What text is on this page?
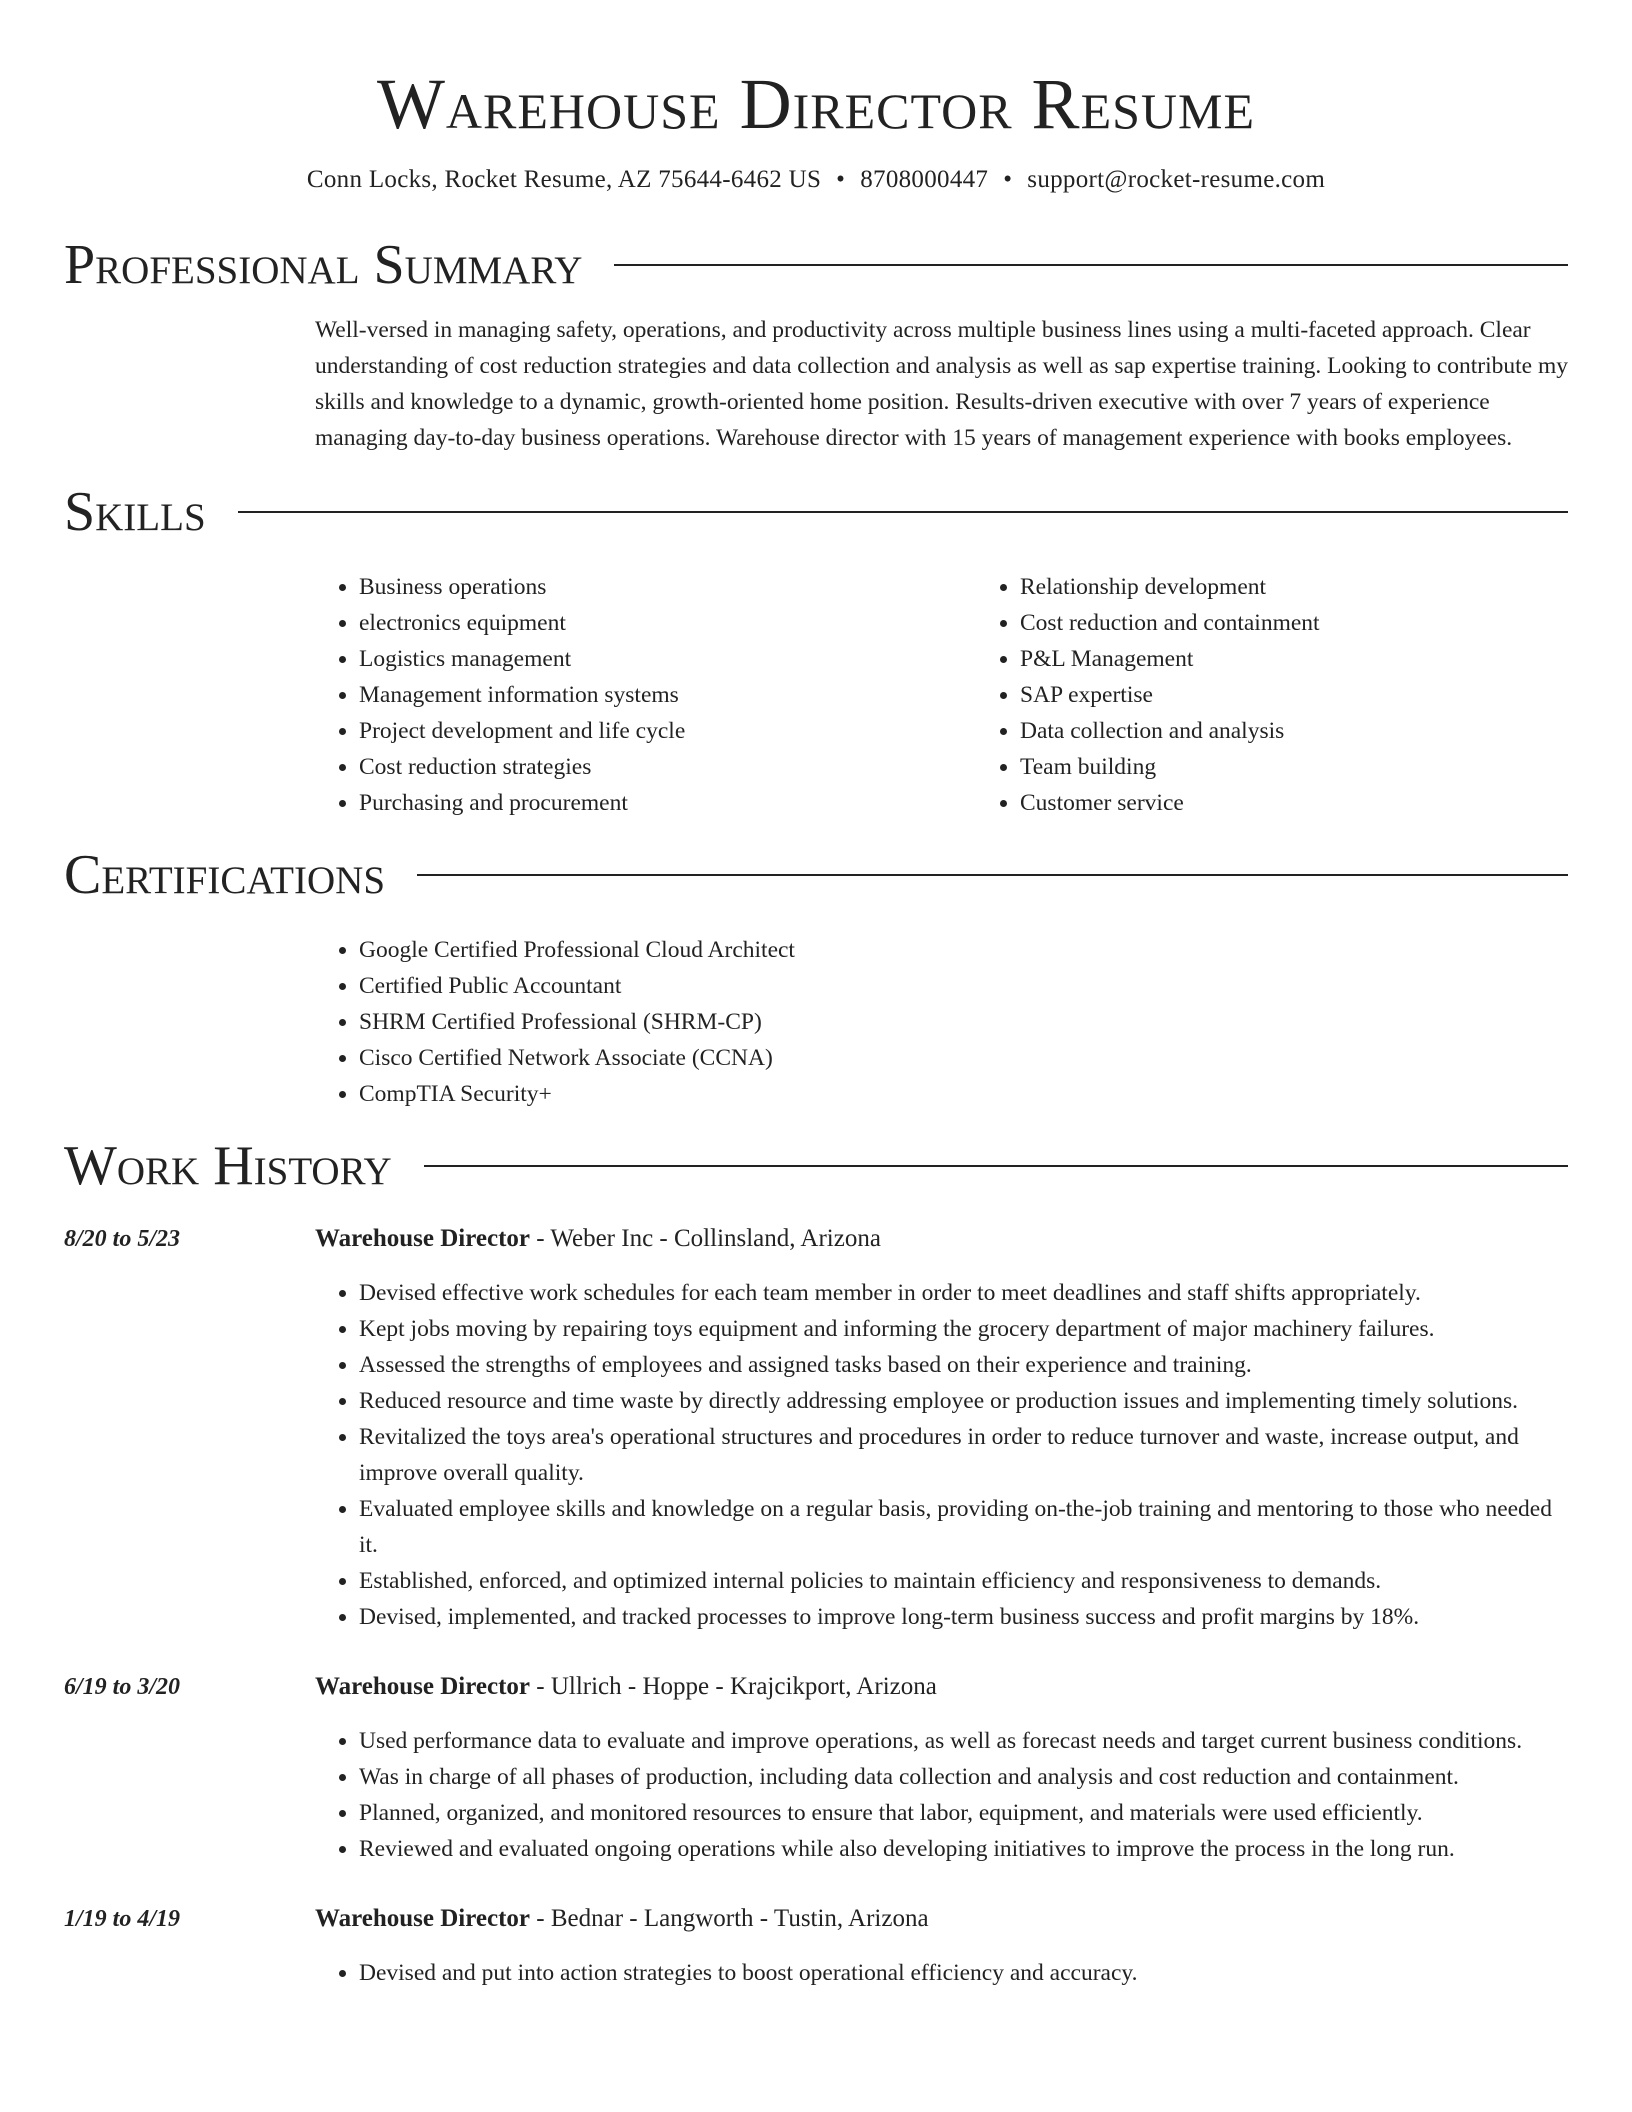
Warehouse Director Resume
Conn Locks, Rocket Resume, AZ 75644-6462 US • 8708000447 • support@rocket-resume.com
Professional Summary
Well-versed in managing safety, operations, and productivity across multiple business lines using a multi-faceted approach. Clear understanding of cost reduction strategies and data collection and analysis as well as sap expertise training. Looking to contribute my skills and knowledge to a dynamic, growth-oriented home position. Results-driven executive with over 7 years of experience managing day-to-day business operations. Warehouse director with 15 years of management experience with books employees.
Skills
• Business operations
• electronics equipment
• Logistics management
• Management information systems
• Project development and life cycle
• Cost reduction strategies
• Purchasing and procurement
• Relationship development
• Cost reduction and containment
• P&L Management
• SAP expertise
• Data collection and analysis
• Team building
• Customer service
Certifications
• Google Certified Professional Cloud Architect
• Certified Public Accountant
• SHRM Certified Professional (SHRM-CP)
• Cisco Certified Network Associate (CCNA)
• CompTIA Security+
Work History
8/20 to 5/23	Warehouse Director - Weber Inc - Collinsland, Arizona
• Devised effective work schedules for each team member in order to meet deadlines and staff shifts appropriately.
• Kept jobs moving by repairing toys equipment and informing the grocery department of major machinery failures.
• Assessed the strengths of employees and assigned tasks based on their experience and training.
• Reduced resource and time waste by directly addressing employee or production issues and implementing timely solutions.
• Revitalized the toys area's operational structures and procedures in order to reduce turnover and waste, increase output, and improve overall quality.
• Evaluated employee skills and knowledge on a regular basis, providing on-the-job training and mentoring to those who needed it.
• Established, enforced, and optimized internal policies to maintain efficiency and responsiveness to demands.
• Devised, implemented, and tracked processes to improve long-term business success and profit margins by 18%.
6/19 to 3/20	Warehouse Director - Ullrich - Hoppe - Krajcikport, Arizona
• Used performance data to evaluate and improve operations, as well as forecast needs and target current business conditions.
• Was in charge of all phases of production, including data collection and analysis and cost reduction and containment.
• Planned, organized, and monitored resources to ensure that labor, equipment, and materials were used efficiently.
• Reviewed and evaluated ongoing operations while also developing initiatives to improve the process in the long run.
1/19 to 4/19	Warehouse Director - Bednar - Langworth - Tustin, Arizona
• Devised and put into action strategies to boost operational efficiency and accuracy.
